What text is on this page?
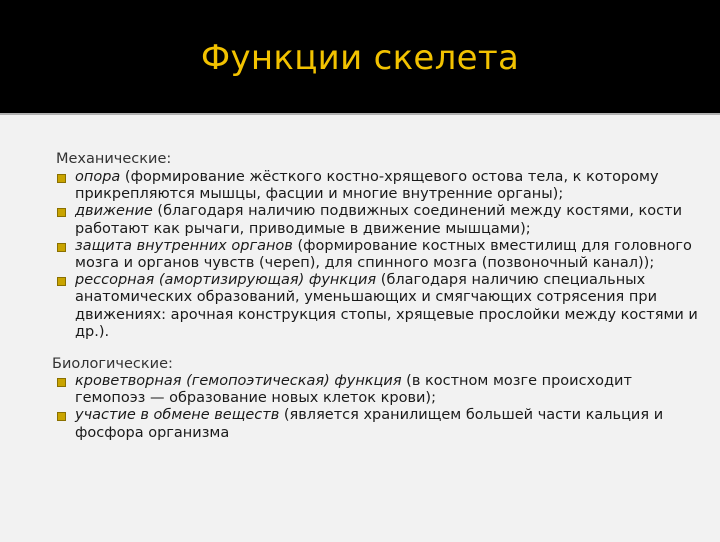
Функции скелета
Механические:
опора (формирование жёсткого костно-хрящевого остова тела, к которому прикрепляются мышцы, фасции и многие внутренние органы);
движение (благодаря наличию подвижных соединений между костями, кости работают как рычаги, приводимые в движение мышцами);
защита внутренних органов (формирование костных вместилищ для головного мозга и органов чувств (череп), для спинного мозга (позвоночный канал));
рессорная (амортизирующая) функция (благодаря наличию специальных анатомических образований, уменьшающих и смягчающих сотрясения при движениях: арочная конструкция стопы, хрящевые прослойки между костями и др.).
Биологические:
кроветворная (гемопоэтическая) функция (в костном мозге происходит гемопоэз — образование новых клеток крови);
участие в обмене веществ (является хранилищем большей части кальция и фосфора организма
